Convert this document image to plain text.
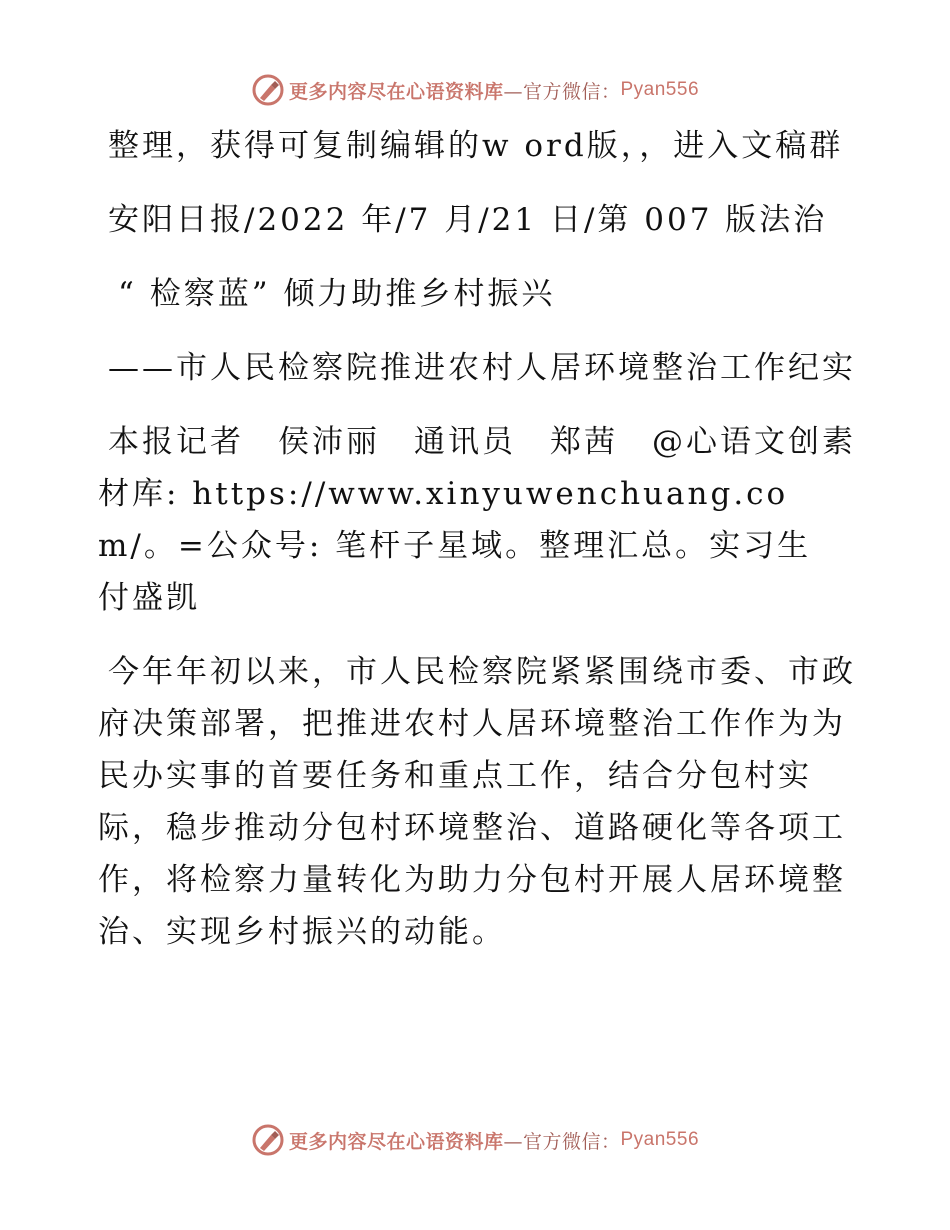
更多内容尽在心语资料库 —官方微信： Pyan556

整理，获得可复制编辑的w ord版，，进入文稿群

安阳日报/2022 年/7 月/21 日/第 007 版法治

“ 检察蓝” 倾力助推乡村振兴

——市人民检察院推进农村人居环境整治工作纪实

本报记者　侯沛丽　通讯员　郑茜　@心语文创素材库: https://www.xinyuwenchuang.com/。=公众号: 笔杆子星域。整理汇总。实习生　付盛凯

今年年初以来，市人民检察院紧紧围绕市委、市政府决策部署，把推进农村人居环境整治工作作为为民办实事的首要任务和重点工作，结合分包村实际，稳步推动分包村环境整治、道路硬化等各项工作，将检察力量转化为助力分包村开展人居环境整治、实现乡村振兴的动能。

更多内容尽在心语资料库 —官方微信： Pyan556
